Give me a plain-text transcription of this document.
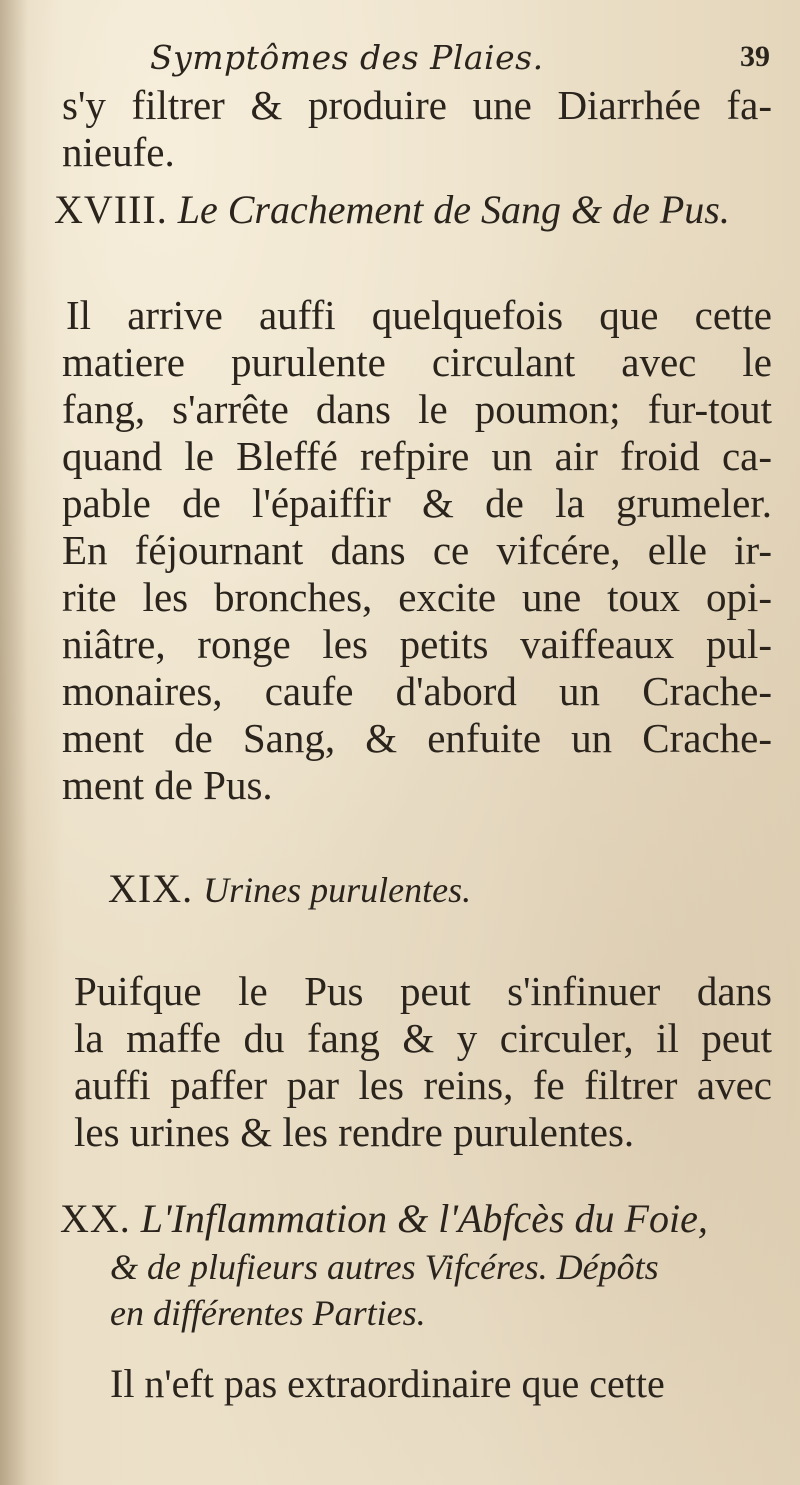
Symptômes des Plaies.	39
s'y filtrer & produire une Diarrhée fa-
nieufe.
XVIII. Le Crachement de Sang & de Pus.
Il arrive auffi quelquefois que cette
matiere purulente circulant avec le
fang, s'arrête dans le poumon; fur-tout
quand le Bleffé refpire un air froid ca-
pable de l'épaiffir & de la grumeler.
En féjournant dans ce vifcére, elle ir-
rite les bronches, excite une toux opi-
niâtre, ronge les petits vaiffeaux pul-
monaires, caufe d'abord un Crache-
ment de Sang, & enfuite un Crache-
ment de Pus.
XIX. Urines purulentes.
Puifque le Pus peut s'infinuer dans
la maffe du fang & y circuler, il peut
auffi paffer par les reins, fe filtrer avec
les urines & les rendre purulentes.
XX. L'Inflammation & l'Abfcès du Foie,
& de plufieurs autres Vifcéres. Dépôts
en différentes Parties.
Il n'eft pas extraordinaire que cette
